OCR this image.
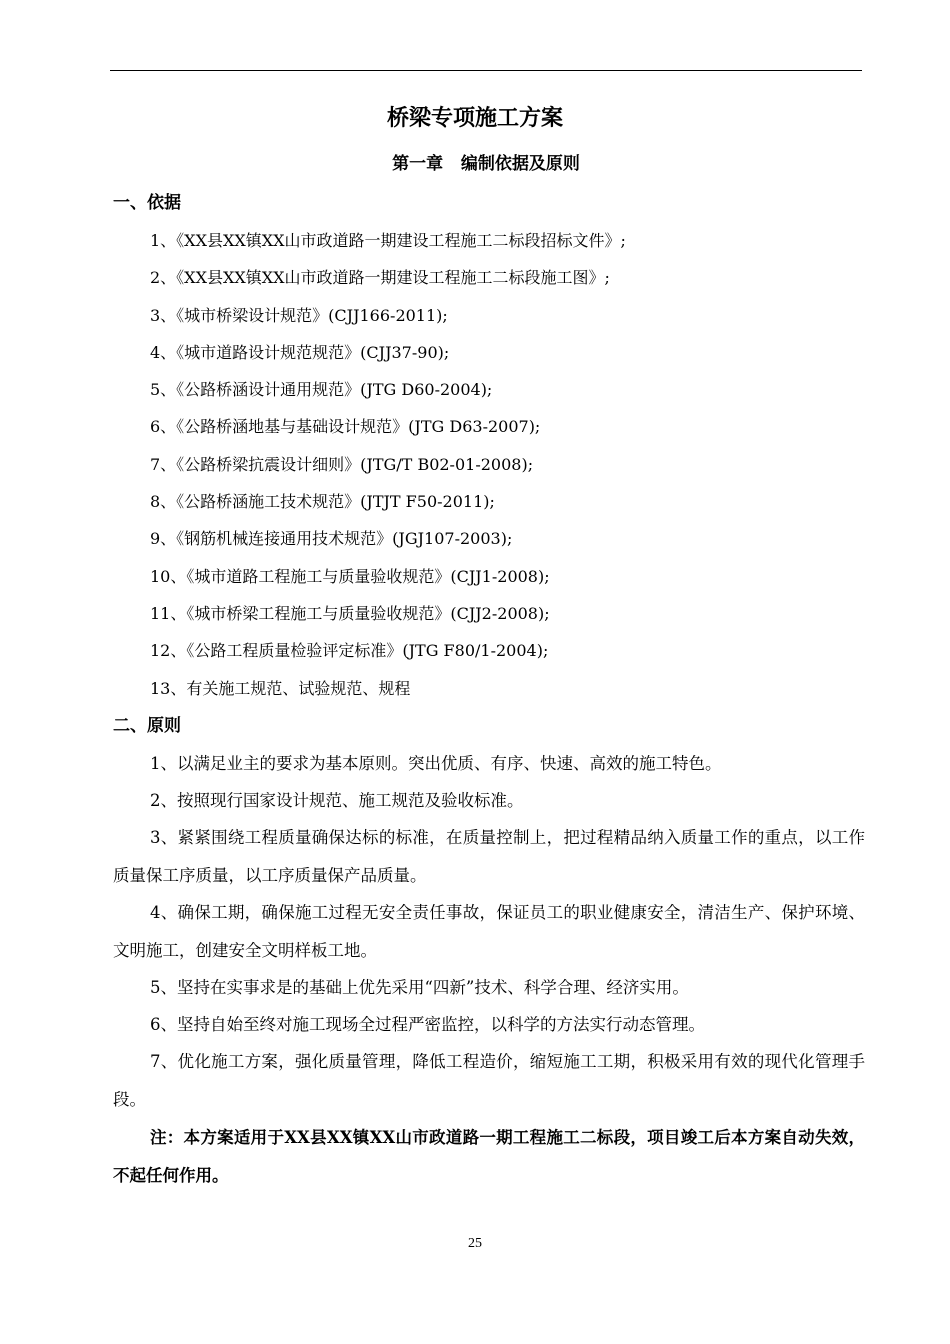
桥梁专项施工方案
第一章   编制依据及原则
一、依据
1、《XX县XX镇XX山市政道路一期建设工程施工二标段招标文件》;
2、《XX县XX镇XX山市政道路一期建设工程施工二标段施工图》;
3、《城市桥梁设计规范》(CJJ166-2011);
4、《城市道路设计规范规范》(CJJ37-90);
5、《公路桥涵设计通用规范》(JTG D60-2004);
6、《公路桥涵地基与基础设计规范》(JTG D63-2007);
7、《公路桥梁抗震设计细则》(JTG/T B02-01-2008);
8、《公路桥涵施工技术规范》(JTJT F50-2011);
9、《钢筋机械连接通用技术规范》(JGJ107-2003);
10、《城市道路工程施工与质量验收规范》(CJJ1-2008);
11、《城市桥梁工程施工与质量验收规范》(CJJ2-2008);
12、《公路工程质量检验评定标准》(JTG F80/1-2004);
13、有关施工规范、试验规范、规程
二、原则

1、以满足业主的要求为基本原则。突出优质、有序、快速、高效的施工特色。

2、按照现行国家设计规范、施工规范及验收标准。

3、紧紧围绕工程质量确保达标的标准，在质量控制上，把过程精品纳入质量工作的重点，以工作质量保工序质量，以工序质量保产品质量。

4、确保工期，确保施工过程无安全责任事故，保证员工的职业健康安全，清洁生产、保护环境、文明施工，创建安全文明样板工地。

5、坚持在实事求是的基础上优先采用“四新”技术、科学合理、经济实用。

6、坚持自始至终对施工现场全过程严密监控，以科学的方法实行动态管理。

7、优化施工方案，强化质量管理，降低工程造价，缩短施工工期，积极采用有效的现代化管理手段。

注：本方案适用于XX县XX镇XX山市政道路一期工程施工二标段，项目竣工后本方案自动失效，不起任何作用。

25
